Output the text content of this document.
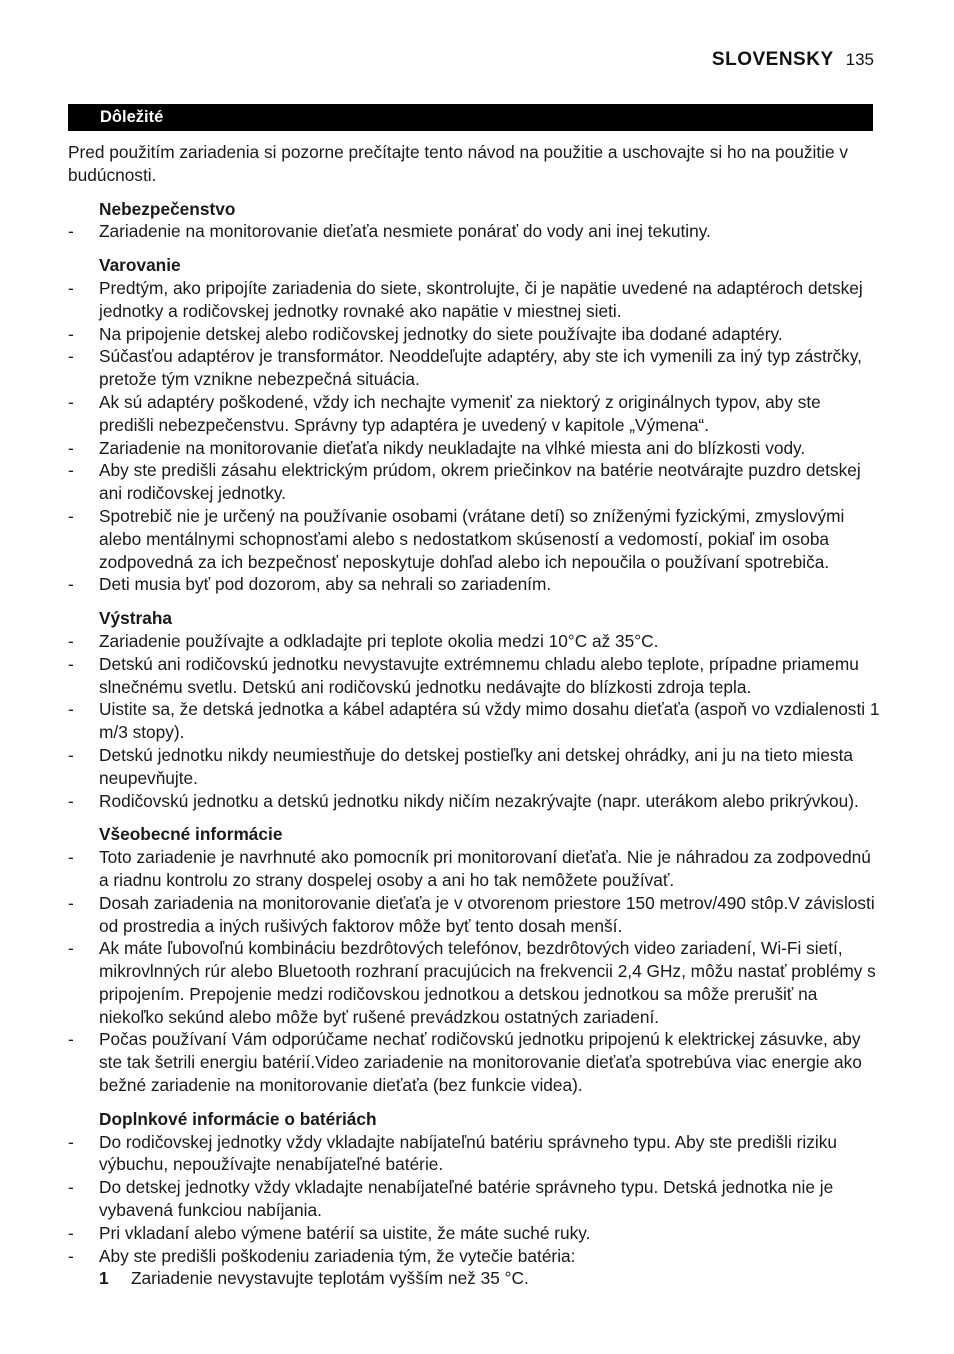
SLOVENSKY 135
Dôležité

Pred použitím zariadenia si pozorne prečítajte tento návod na použitie a uschovajte si ho na použitie v budúcnosti.

Nebezpečenstvo
-	Zariadenie na monitorovanie dieťaťa nesmiete ponárať do vody ani inej tekutiny.
Varovanie
-	Predtým, ako pripojíte zariadenia do siete, skontrolujte, či je napätie uvedené na adaptéroch detskej jednotky a rodičovskej jednotky rovnaké ako napätie v miestnej sieti.
-	Na pripojenie detskej alebo rodičovskej jednotky do siete používajte iba dodané adaptéry.
-	Súčasťou adaptérov je transformátor. Neoddeľujte adaptéry, aby ste ich vymenili za iný typ zástrčky, pretože tým vznikne nebezpečná situácia.
-	Ak sú adaptéry poškodené, vždy ich nechajte vymeniť za niektorý z originálnych typov, aby ste predišli nebezpečenstvu. Správny typ adaptéra je uvedený v kapitole „Výmena“.
-	Zariadenie na monitorovanie dieťaťa nikdy neukladajte na vlhké miesta ani do blízkosti vody.
-	Aby ste predišli zásahu elektrickým prúdom, okrem priečinkov na batérie neotvárajte puzdro detskej ani rodičovskej jednotky.
-	Spotrebič nie je určený na používanie osobami (vrátane detí) so zníženými fyzickými, zmyslovými alebo mentálnymi schopnosťami alebo s nedostatkom skúseností a vedomostí, pokiaľ im osoba zodpovedná za ich bezpečnosť neposkytuje dohľad alebo ich nepoučila o používaní spotrebiča.
-	Deti musia byť pod dozorom, aby sa nehrali so zariadením.
Výstraha
-	Zariadenie používajte a odkladajte pri teplote okolia medzi 10°C až 35°C.
-	Detskú ani rodičovskú jednotku nevystavujte extrémnemu chladu alebo teplote, prípadne priamemu slnečnému svetlu. Detskú ani rodičovskú jednotku nedávajte do blízkosti zdroja tepla.
-	Uistite sa, že detská jednotka a kábel adaptéra sú vždy mimo dosahu dieťaťa (aspoň vo vzdialenosti 1 m/3 stopy).
-	Detskú jednotku nikdy neumiestňuje do detskej postieľky ani detskej ohrádky, ani ju na tieto miesta neupevňujte.
-	Rodičovskú jednotku a detskú jednotku nikdy ničím nezakrývajte (napr. uterákom alebo prikrývkou).
Všeobecné informácie
-	Toto zariadenie je navrhnuté ako pomocník pri monitorovaní dieťaťa. Nie je náhradou za zodpovednú a riadnu kontrolu zo strany dospelej osoby a ani ho tak nemôžete používať.
-	Dosah zariadenia na monitorovanie dieťaťa je v otvorenom priestore 150 metrov/490 stôp.V závislosti od prostredia a iných rušivých faktorov môže byť tento dosah menší.
-	Ak máte ľubovoľnú kombináciu bezdrôtových telefónov, bezdrôtových video zariadení, Wi-Fi sietí, mikrovlnných rúr alebo Bluetooth rozhraní pracujúcich na frekvencii 2,4 GHz, môžu nastať problémy s pripojením. Prepojenie medzi rodičovskou jednotkou a detskou jednotkou sa môže prerušiť na niekoľko sekúnd alebo môže byť rušené prevádzkou ostatných zariadení.
-	Počas používaní Vám odporúčame nechať rodičovskú jednotku pripojenú k elektrickej zásuvke, aby ste tak šetrili energiu batérií.Video zariadenie na monitorovanie dieťaťa spotrebúva viac energie ako bežné zariadenie na monitorovanie dieťaťa (bez funkcie videa).
Doplnkové informácie o batériách
-	Do rodičovskej jednotky vždy vkladajte nabíjateľnú batériu správneho typu. Aby ste predišli riziku výbuchu, nepoužívajte nenabíjateľné batérie.
-	Do detskej jednotky vždy vkladajte nenabíjateľné batérie správneho typu. Detská jednotka nie je vybavená funkciou nabíjania.
-	Pri vkladaní alebo výmene batérií sa uistite, že máte suché ruky.
-	Aby ste predišli poškodeniu zariadenia tým, že vytečie batéria:
1	Zariadenie nevystavujte teplotám vyšším než 35 °C.
